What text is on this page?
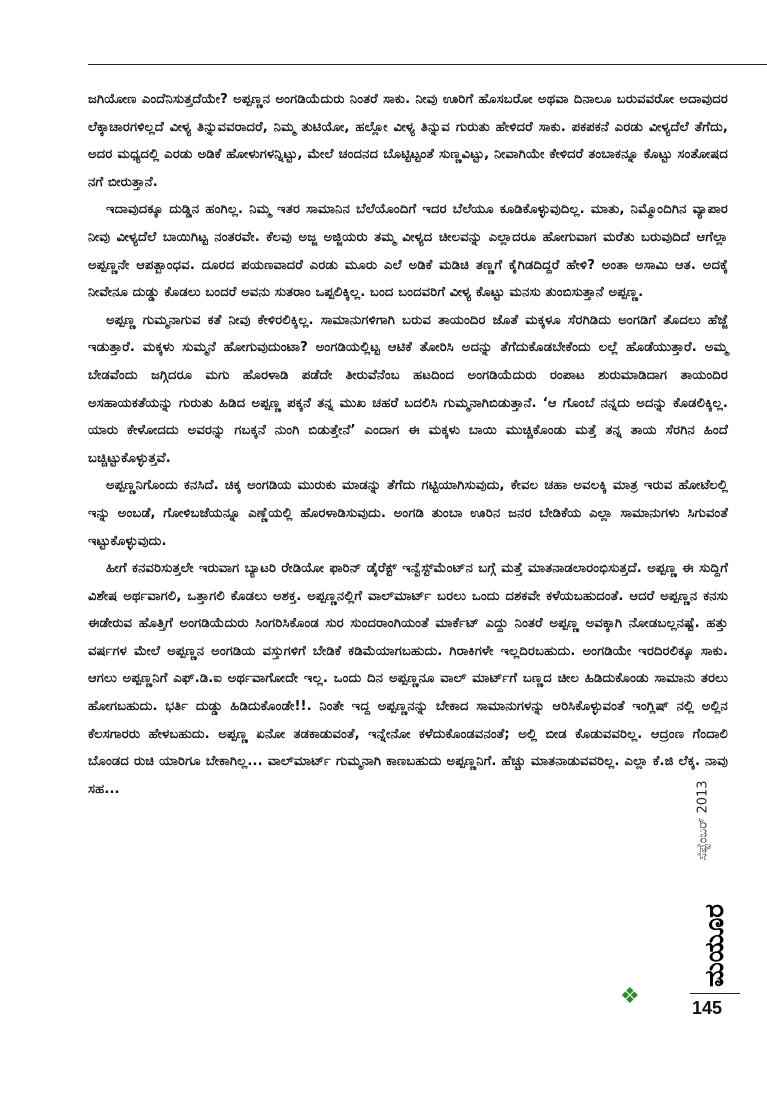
ಜಗಿಯೋಣ ಎಂದೆನಿಸುತ್ತದೆಯೇ? ಅಪ್ಪಣ್ಣನ ಅಂಗಡಿಯೆದುರು ನಿಂತರೆ ಸಾಕು. ನೀವು ಊರಿಗೆ ಹೊಸಬರೋ ಅಥವಾ ದಿನಾಲೂ ಬರುವವರೋ ಅದಾವುದರ ಲೆಕ್ಕಾಚಾರಗಳಿಲ್ಲದೆ ವೀಳ್ಯ ತಿನ್ನುವವರಾದರೆ, ನಿಮ್ಮ ತುಟಿಯೋ, ಹಲ್ಲೋ ವೀಳ್ಯ ತಿನ್ನುವ ಗುರುತು ಹೇಳಿದರೆ ಸಾಕು. ಪಕಪಕನೆ ಎರಡು ವೀಳ್ಯದೆಲೆ ತೆಗೆದು, ಅದರ ಮಧ್ಯದಲ್ಲಿ ಎರಡು ಅಡಿಕೆ ಹೋಳುಗಳನ್ನಿಟ್ಟು, ಮೇಲೆ ಚಂದನದ ಬೊಟ್ಟಿಟ್ಟಂತೆ ಸುಣ್ಣವಿಟ್ಟು, ನೀವಾಗಿಯೇ ಕೇಳಿದರೆ ತಂಬಾಕನ್ನೂ ಕೊಟ್ಟು ಸಂತೋಷದ ನಗೆ ಬೀರುತ್ತಾನೆ.

ಇದಾವುದಕ್ಕೂ ದುಡ್ಡಿನ ಹಂಗಿಲ್ಲ. ನಿಮ್ಮ ಇತರ ಸಾಮಾನಿನ ಬೆಲೆಯೊಂದಿಗೆ ಇದರ ಬೆಲೆಯೂ ಕೂಡಿಕೊಳ್ಳುವುದಿಲ್ಲ. ಮಾತು, ನಿಮ್ಮೊಂದಿಗಿನ ವ್ಯಾಪಾರ ನೀವು ವೀಳ್ಯದೆಲೆ ಬಾಯಿಗಿಟ್ಟ ನಂತರವೇ. ಕೆಲವು ಅಜ್ಜ ಅಜ್ಜಿಯರು ತಮ್ಮ ವೀಳ್ಯದ ಚೀಲವನ್ನು ಎಲ್ಲಾದರೂ ಹೋಗುವಾಗ ಮರೆತು ಬರುವುದಿದೆ ಆಗೆಲ್ಲಾ ಅಪ್ಪಣ್ಣನೇ ಆಪತ್ಬಾಂಧವ. ದೂರದ ಪಯಣವಾದರೆ ಎರಡು ಮೂರು ಎಲೆ ಅಡಿಕೆ ಮಡಿಚಿ ತಣ್ಣಗೆ ಕೈಗಿಡದಿದ್ದರೆ ಹೇಳಿ? ಅಂತಾ ಅಸಾಮಿ ಆತ. ಅದಕ್ಕೆ ನೀವೇನೂ ದುಡ್ಡು ಕೊಡಲು ಬಂದರೆ ಅವನು ಸುತರಾಂ ಒಪ್ಪಲಿಕ್ಕಿಲ್ಲ. ಬಂದ ಬಂದವರಿಗೆ ವೀಳ್ಯ ಕೊಟ್ಟು ಮನಸು ತುಂಬಿಸುತ್ತಾನೆ ಅಪ್ಪಣ್ಣ.

ಅಪ್ಪಣ್ಣ ಗುಮ್ಮನಾಗುವ ಕತೆ ನೀವು ಕೇಳಿರಲಿಕ್ಕಿಲ್ಲ. ಸಾಮಾನುಗಳಿಗಾಗಿ ಬರುವ ತಾಯಂದಿರ ಜೊತೆ ಮಕ್ಕಳೂ ಸೆರಗಿಡಿದು ಅಂಗಡಿಗೆ ತೊದಲು ಹೆಜ್ಜೆ ಇಡುತ್ತಾರೆ. ಮಕ್ಕಳು ಸುಮ್ಮನೆ ಹೋಗುವುದುಂಟಾ? ಅಂಗಡಿಯಲ್ಲಿಟ್ಟ ಆಟಿಕೆ ತೋರಿಸಿ ಅದನ್ನು ತೆಗೆದುಕೊಡಬೇಕೆಂದು ಲಲ್ಲೆ ಹೊಡೆಯುತ್ತಾರೆ. ಅಮ್ಮ ಬೇಡವೆಂದು ಜಗ್ಗಿದರೂ ಮಗು ಹೊರಳಾಡಿ ಪಡೆದೇ ತೀರುವೆನೆಂಬ ಹಟದಿಂದ ಅಂಗಡಿಯೆದುರು ರಂಪಾಟ ಶುರುಮಾಡಿದಾಗ ತಾಯಂದಿರ ಅಸಹಾಯಕತೆಯನ್ನು ಗುರುತು ಹಿಡಿದ ಅಪ್ಪಣ್ಣ ಪಕ್ಕನೆ ತನ್ನ ಮುಖ ಚಹರೆ ಬದಲಿಸಿ ಗುಮ್ಮನಾಗಿಬಿಡುತ್ತಾನೆ. ‘ಆ ಗೊಂಬೆ ನನ್ನದು ಅದನ್ನು ಕೊಡಲಿಕ್ಕಿಲ್ಲ. ಯಾರು ಕೇಳೋದದು ಅವರನ್ನು ಗಬಕ್ಕನೆ ನುಂಗಿ ಬಿಡುತ್ತೇನೆ’ ಎಂದಾಗ ಈ ಮಕ್ಕಳು ಬಾಯಿ ಮುಚ್ಚಿಕೊಂಡು ಮತ್ತೆ ತನ್ನ ತಾಯ ಸೆರಗಿನ ಹಿಂದೆ ಬಚ್ಚಿಟ್ಟುಕೊಳ್ಳುತ್ತವೆ.

ಅಪ್ಪಣ್ಣನಿಗೊಂದು ಕನಸಿದೆ. ಚಿಕ್ಕ ಅಂಗಡಿಯ ಮುರುಕು ಮಾಡನ್ನು ತೆಗೆದು ಗಟ್ಟಿಯಾಗಿಸುವುದು, ಕೇವಲ ಚಹಾ ಅವಲಕ್ಕಿ ಮಾತ್ರ ಇರುವ ಹೋಟೆಲಲ್ಲಿ ಇನ್ನು ಅಂಬಡೆ, ಗೋಳಿಬಜೆಯನ್ನೂ ಎಣ್ಣೆಯಲ್ಲಿ ಹೊರಳಾಡಿಸುವುದು. ಅಂಗಡಿ ತುಂಬಾ ಊರಿನ ಜನರ ಬೇಡಿಕೆಯ ಎಲ್ಲಾ ಸಾಮಾನುಗಳು ಸಿಗುವಂತೆ ಇಟ್ಟುಕೊಳ್ಳುವುದು.

ಹೀಗೆ ಕನವರಿಸುತ್ತಲೇ ಇರುವಾಗ ಬ್ಯಾಟರಿ ರೇಡಿಯೋ ಫಾರಿನ್ ಡೈರೆಕ್ಟ್ ಇನ್ವೆಸ್ಟ್‌ಮೆಂಟ್‌ನ ಬಗ್ಗೆ ಮತ್ತೆ ಮಾತನಾಡಲಾರಂಭಿಸುತ್ತದೆ. ಅಪ್ಪಣ್ಣ ಈ ಸುದ್ದಿಗೆ ವಿಶೇಷ ಅರ್ಥವಾಗಲಿ, ಒತ್ತಾಗಲಿ ಕೊಡಲು ಅಶಕ್ತ. ಅಪ್ಪಣ್ಣನಲ್ಲಿಗೆ ವಾಲ್‌ಮಾರ್ಟ್ ಬರಲು ಒಂದು ದಶಕವೇ ಕಳೆಯಬಹುದಂತೆ. ಆದರೆ ಅಪ್ಪಣ್ಣನ ಕನಸು ಈಡೇರುವ ಹೊತ್ತಿಗೆ ಅಂಗಡಿಯೆದುರು ಸಿಂಗರಿಸಿಕೊಂಡ ಸುರ ಸುಂದರಾಂಗಿಯಂತೆ ಮಾರ್ಕೆಟ್ ಎದ್ದು ನಿಂತರೆ ಅಪ್ಪಣ್ಣ ಅವಕ್ಕಾಗಿ ನೋಡಬಲ್ಲನಷ್ಟೆ. ಹತ್ತು ವರ್ಷಗಳ ಮೇಲೆ ಅಪ್ಪಣ್ಣನ ಅಂಗಡಿಯ ವಸ್ತುಗಳಿಗೆ ಬೇಡಿಕೆ ಕಡಿಮೆಯಾಗಬಹುದು. ಗಿರಾಕಿಗಳೇ ಇಲ್ಲದಿರಬಹುದು. ಅಂಗಡಿಯೇ ಇರದಿರಲಿಕ್ಕೂ ಸಾಕು. ಆಗಲು ಅಪ್ಪಣ್ಣನಿಗೆ ಎಫ್.ಡಿ.ಐ ಅರ್ಥವಾಗೋದೇ ಇಲ್ಲ. ಒಂದು ದಿನ ಅಪ್ಪಣ್ಣನೂ ವಾಲ್ ಮಾರ್ಟ್‌ಗೆ ಬಣ್ಣದ ಚೀಲ ಹಿಡಿದುಕೊಂಡು ಸಾಮಾನು ತರಲು ಹೋಗಬಹುದು. ಭರ್ತಿ ದುಡ್ಡು ಹಿಡಿದುಕೊಂಡೇ!!. ನಿಂತೇ ಇದ್ದ ಅಪ್ಪಣ್ಣನನ್ನು ಬೇಕಾದ ಸಾಮಾನುಗಳನ್ನು ಆರಿಸಿಕೊಳ್ಳುವಂತೆ ಇಂಗ್ಲಿಷ್ ನಲ್ಲಿ ಅಲ್ಲಿನ ಕೆಲಸಗಾರರು ಹೇಳಬಹುದು. ಅಪ್ಪಣ್ಣ ಏನೋ ತಡಕಾಡುವಂತೆ, ಇನ್ನೇನೋ ಕಳೆದುಕೊಂಡವನಂತೆ; ಅಲ್ಲಿ ಬೀಡ ಕೊಡುವವರಿಲ್ಲ. ಆದ್ರಂಣ ಗೆಂದಾಲಿ ಬೊಂಡದ ರುಚಿ ಯಾರಿಗೂ ಬೇಕಾಗಿಲ್ಲ... ವಾಲ್‌ಮಾರ್ಟ್‌ ಗುಮ್ಮನಾಗಿ ಕಾಣಬಹುದು ಅಪ್ಪಣ್ಣನಿಗೆ. ಹೆಚ್ಚು ಮಾತನಾಡುವವರಿಲ್ಲ. ಎಲ್ಲಾ ಕೆ.ಜಿ ಲೆಕ್ಕ. ನಾವು ಸಹ...

❖
ಸೆಪ್ಟೆಂಬರ್ 2013
ಮಯೂರ
145
